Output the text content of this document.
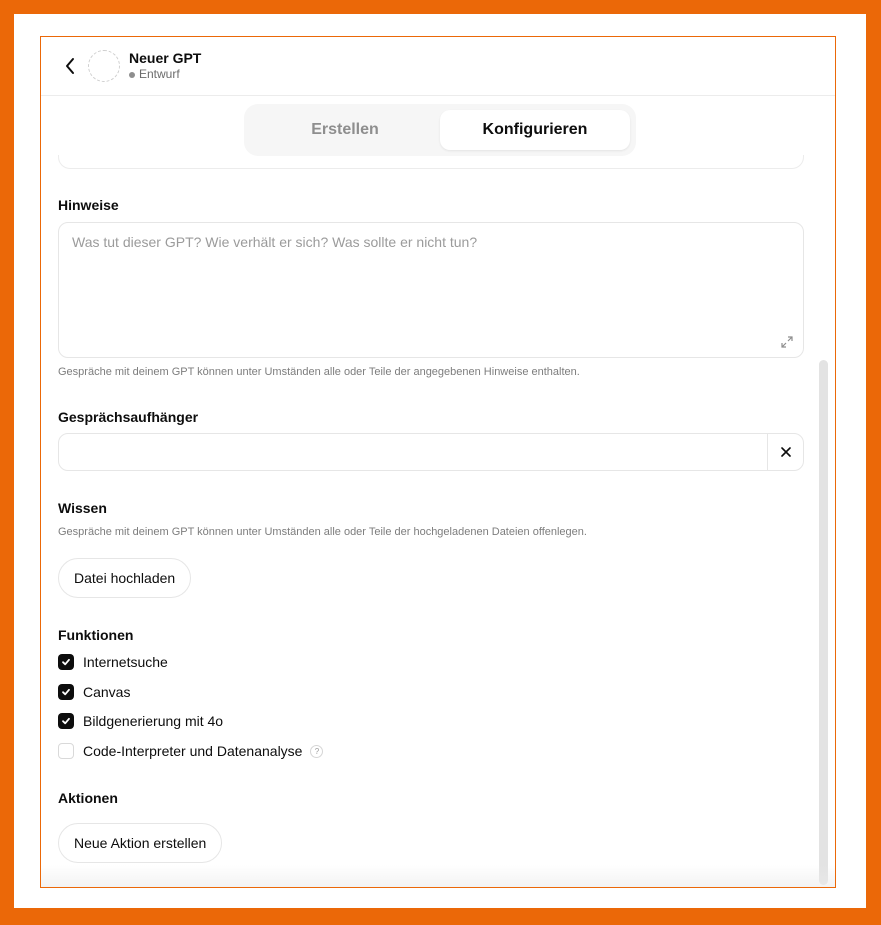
Neuer GPT
Entwurf
Erstellen	Konfigurieren
Hinweise
Was tut dieser GPT? Wie verhält er sich? Was sollte er nicht tun?
Gespräche mit deinem GPT können unter Umständen alle oder Teile der angegebenen Hinweise enthalten.
Gesprächsaufhänger
Wissen
Gespräche mit deinem GPT können unter Umständen alle oder Teile der hochgeladenen Dateien offenlegen.
Datei hochladen
Funktionen
Internetsuche
Canvas
Bildgenerierung mit 4o
Code-Interpreter und Datenanalyse	?
Aktionen
Neue Aktion erstellen
